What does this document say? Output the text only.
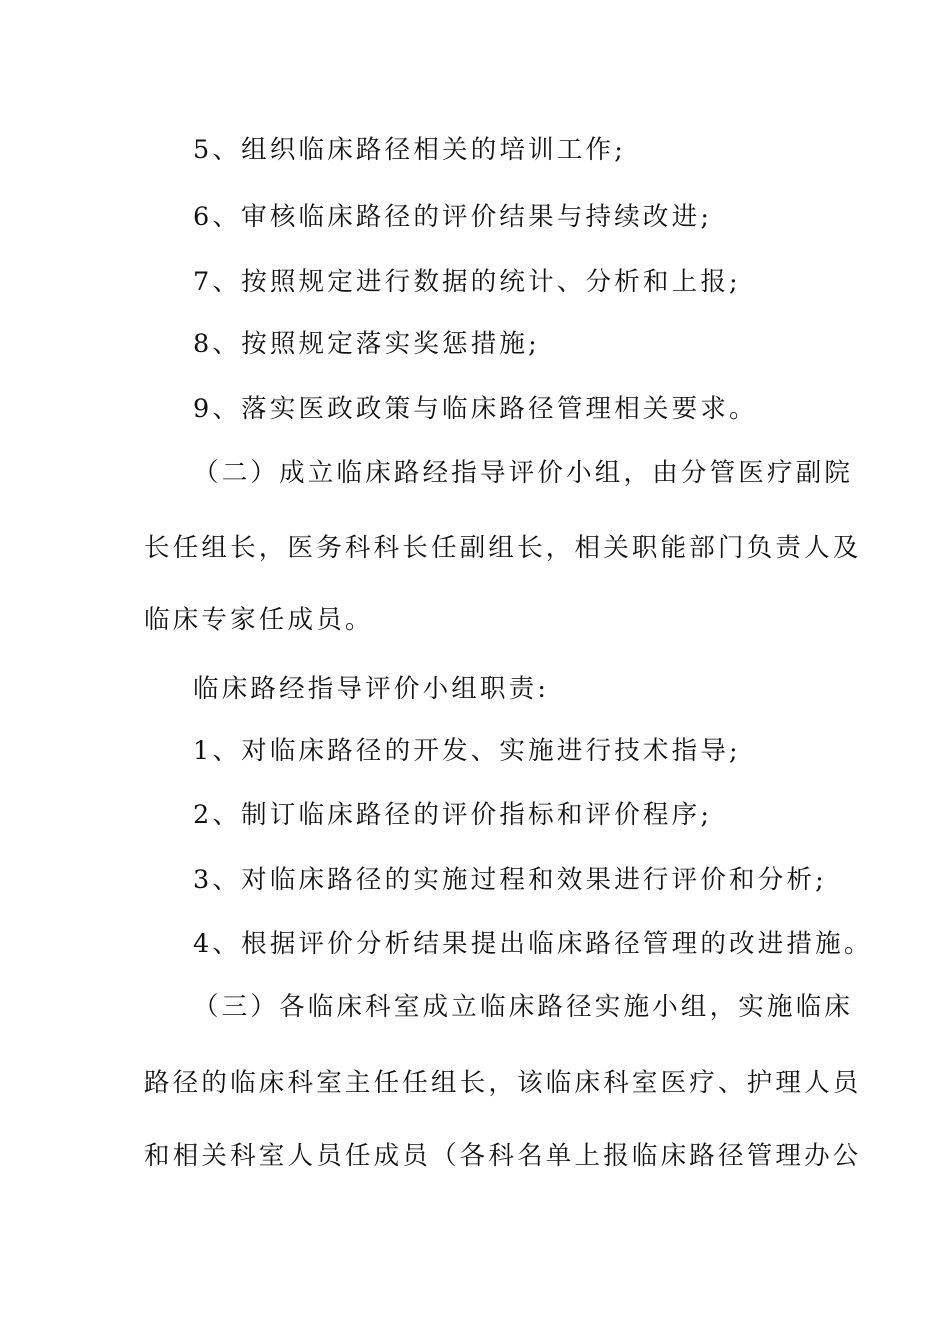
5、组织临床路径相关的培训工作;
6、审核临床路径的评价结果与持续改进;
7、按照规定进行数据的统计、分析和上报;
8、按照规定落实奖惩措施;
9、落实医政政策与临床路径管理相关要求。
（二）成立临床路经指导评价小组，由分管医疗副院
长任组长，医务科科长任副组长，相关职能部门负责人及
临床专家任成员。
临床路经指导评价小组职责:
1、对临床路径的开发、实施进行技术指导;
2、制订临床路径的评价指标和评价程序;
3、对临床路径的实施过程和效果进行评价和分析;
4、根据评价分析结果提出临床路径管理的改进措施。
（三）各临床科室成立临床路径实施小组，实施临床
路径的临床科室主任任组长，该临床科室医疗、护理人员
和相关科室人员任成员（各科名单上报临床路径管理办公
